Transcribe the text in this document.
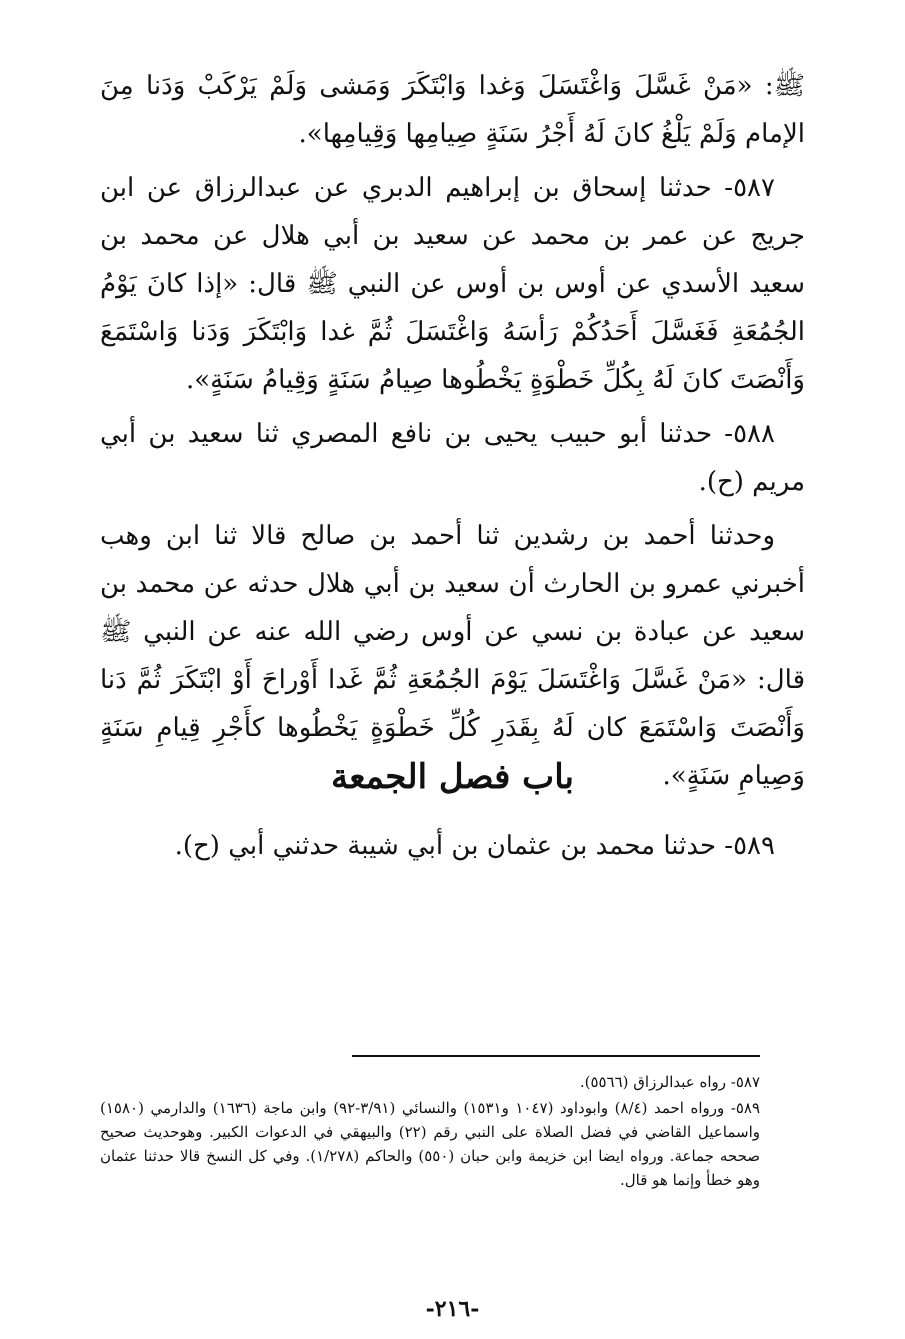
ﷺ: «مَنْ غَسَّلَ وَاغْتَسَلَ وَغدا وَابْتَكَرَ وَمَشى وَلَمْ يَرْكَبْ وَدَنا مِنَ الإمام وَلَمْ يَلْغُ كانَ لَهُ أَجْرُ سَنَةٍ صِيامِها وَقِيامِها».

٥٨٧- حدثنا إسحاق بن إبراهيم الدبري عن عبدالرزاق عن ابن جريج عن عمر بن محمد عن سعيد بن أبي هلال عن محمد بن سعيد الأسدي عن أوس بن أوس عن النبي ﷺ قال: «إذا كانَ يَوْمُ الجُمُعَةِ فَغَسَّلَ أَحَدُكُمْ رَأسَهُ وَاغْتَسَلَ ثُمَّ غدا وَابْتَكَرَ وَدَنا وَاسْتَمَعَ وَأَنْصَتَ كانَ لَهُ بِكُلِّ خَطْوَةٍ يَخْطُوها صِيامُ سَنَةٍ وَقِيامُ سَنَةٍ».

٥٨٨- حدثنا أبو حبيب يحيى بن نافع المصري ثنا سعيد بن أبي مريم (ح).

وحدثنا أحمد بن رشدين ثنا أحمد بن صالح قالا ثنا ابن وهب أخبرني عمرو بن الحارث أن سعيد بن أبي هلال حدثه عن محمد بن سعيد عن عبادة بن نسي عن أوس رضي الله عنه عن النبي ﷺ قال: «مَنْ غَسَّلَ وَاغْتَسَلَ يَوْمَ الجُمُعَةِ ثُمَّ غَدا أَوْراحَ أَوْ ابْتَكَرَ ثُمَّ دَنا وَأَنْصَتَ وَاسْتَمَعَ كان لَهُ بِقَدَرِ كُلِّ خَطْوَةٍ يَخْطُوها كأَجْرِ قِيامِ سَنَةٍ وَصِيامِ سَنَةٍ».

باب فصل الجمعة
٥٨٩- حدثنا محمد بن عثمان بن أبي شيبة حدثني أبي (ح).

٥٨٧- رواه عبدالرزاق (٥٥٦٦).

٥٨٩- ورواه احمد (٨/٤) وابوداود (١٠٤٧ و١٥٣١) والنسائي (٣/٩١-٩٢) وابن ماجة (١٦٣٦) والدارمي (١٥٨٠) واسماعيل القاضي في فضل الصلاة على النبي رقم (٢٢) والبيهقي في الدعوات الكبير. وهوحديث صحيح صححه جماعة. ورواه ايضا ابن خزيمة وابن حبان (٥٥٠) والحاكم (١/٢٧٨). وفي كل النسخ قالا حدثنا عثمان وهو خطأ وإنما هو قال.

-٢١٦-
